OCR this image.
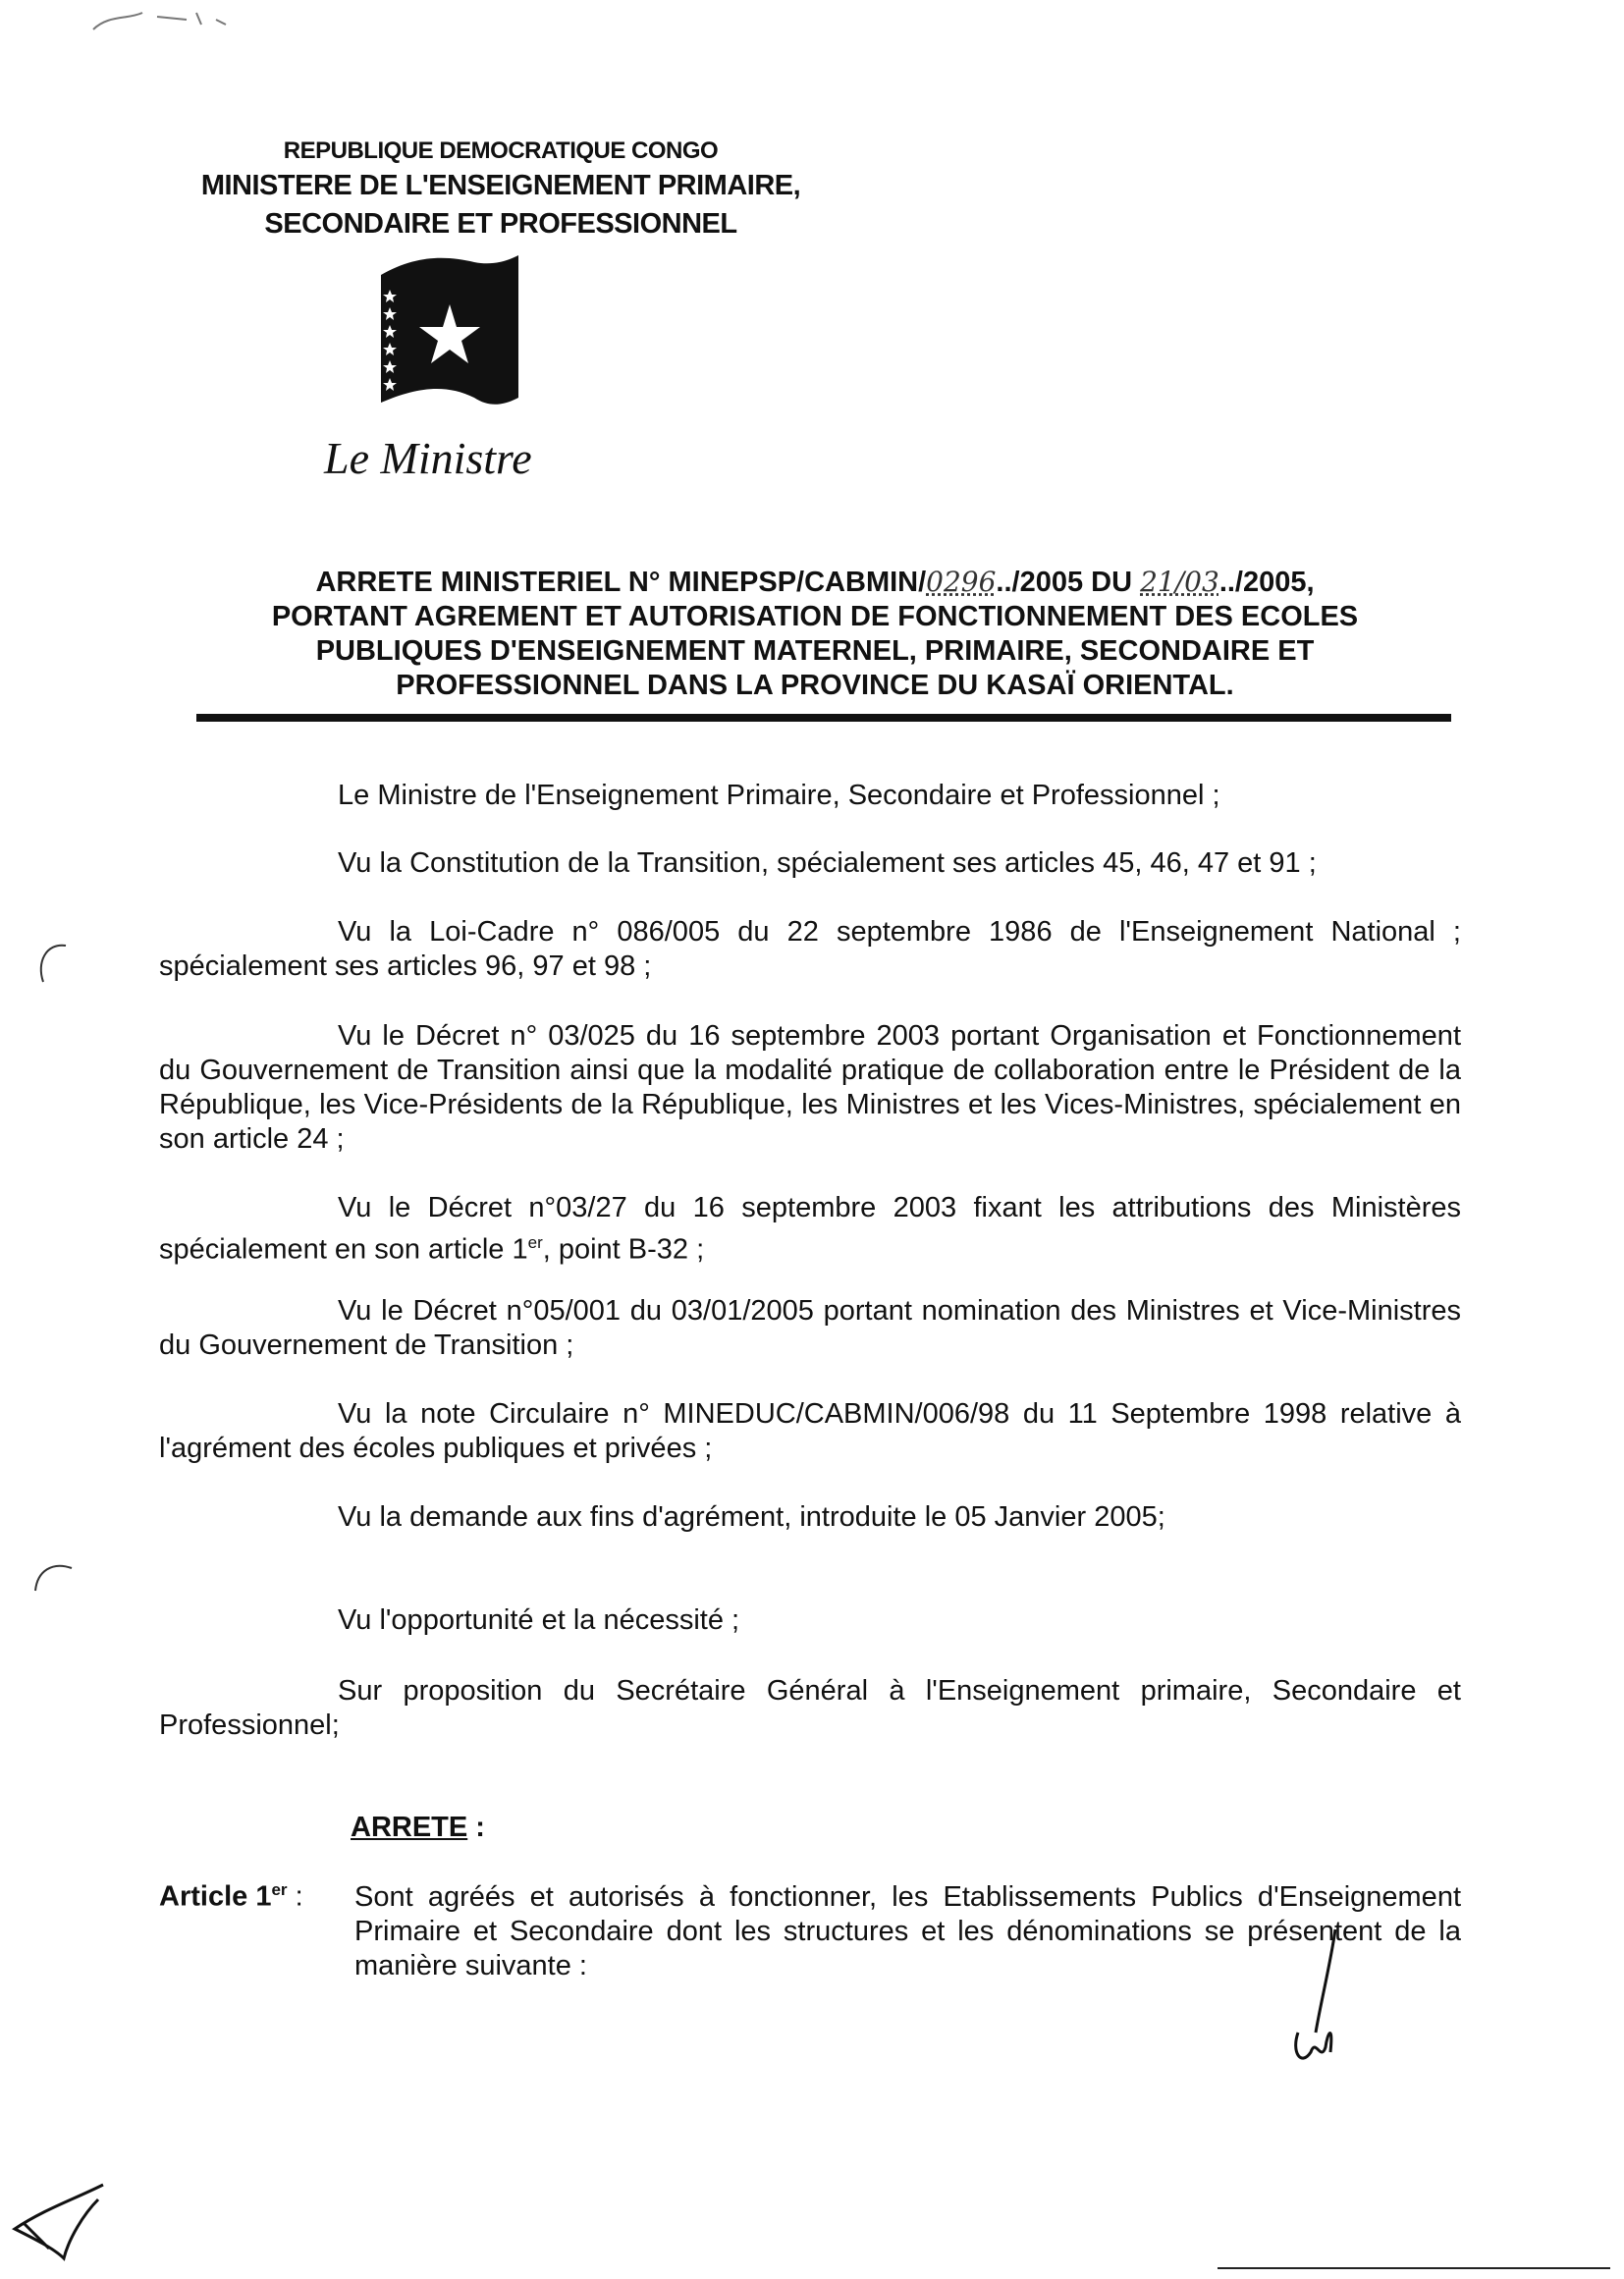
REPUBLIQUE DEMOCRATIQUE CONGO
MINISTERE DE L'ENSEIGNEMENT PRIMAIRE,
SECONDAIRE ET PROFESSIONNEL
Le Ministre
ARRETE MINISTERIEL N° MINEPSP/CABMIN/0296../2005 DU 21/03../2005,
PORTANT AGREMENT ET AUTORISATION DE FONCTIONNEMENT DES ECOLES
PUBLIQUES D'ENSEIGNEMENT MATERNEL, PRIMAIRE, SECONDAIRE ET
PROFESSIONNEL DANS LA PROVINCE DU KASAÏ ORIENTAL.
Le Ministre de l'Enseignement Primaire, Secondaire et Professionnel ;
Vu la Constitution de la Transition, spécialement ses articles 45, 46, 47 et 91 ;
Vu la Loi-Cadre n° 086/005 du 22 septembre 1986 de l'Enseignement National ; spécialement ses articles 96, 97 et 98 ;
Vu le Décret n° 03/025 du 16 septembre 2003 portant Organisation et Fonctionnement du Gouvernement de Transition ainsi que la modalité pratique de collaboration entre le Président de la République, les Vice-Présidents de la République, les Ministres et les Vices-Ministres, spécialement en son article 24 ;
Vu le Décret n°03/27 du 16 septembre 2003 fixant les attributions des Ministères spécialement en son article 1er, point B-32 ;
Vu le Décret n°05/001 du 03/01/2005 portant nomination des Ministres et Vice-Ministres du Gouvernement de Transition ;
Vu la note Circulaire n° MINEDUC/CABMIN/006/98 du 11 Septembre 1998 relative à l'agrément des écoles publiques et privées ;
Vu la demande aux fins d'agrément, introduite le 05 Janvier 2005;
Vu l'opportunité et la nécessité ;
Sur proposition du Secrétaire Général à l'Enseignement primaire, Secondaire et Professionnel;
ARRETE :
Article 1er : Sont agréés et autorisés à fonctionner, les Etablissements Publics d'Enseignement Primaire et Secondaire dont les structures et les dénominations se présentent de la manière suivante :
